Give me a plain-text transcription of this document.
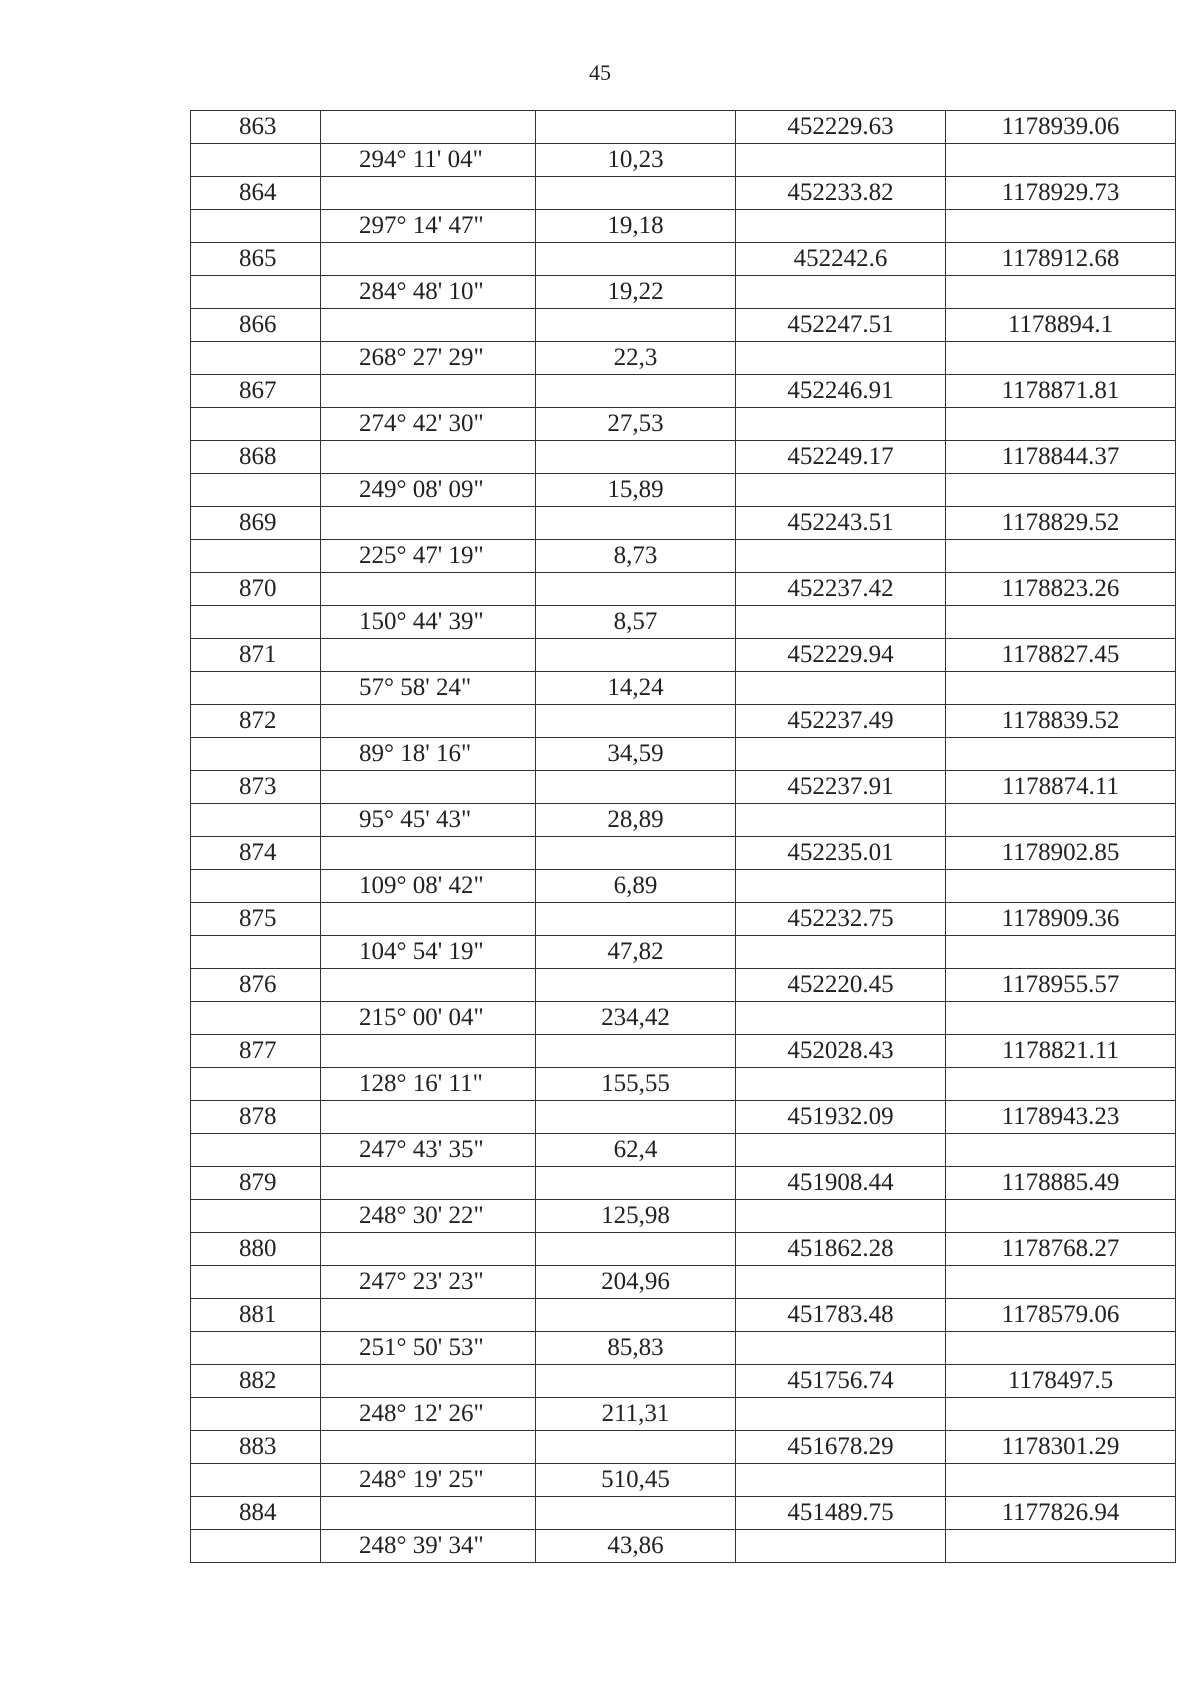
45
863			452229.63	1178939.06
	294° 11' 04"	10,23		
864			452233.82	1178929.73
	297° 14' 47"	19,18		
865			452242.6	1178912.68
	284° 48' 10"	19,22		
866			452247.51	1178894.1
	268° 27' 29"	22,3		
867			452246.91	1178871.81
	274° 42' 30"	27,53		
868			452249.17	1178844.37
	249° 08' 09"	15,89		
869			452243.51	1178829.52
	225° 47' 19"	8,73		
870			452237.42	1178823.26
	150° 44' 39"	8,57		
871			452229.94	1178827.45
	57° 58' 24"	14,24		
872			452237.49	1178839.52
	89° 18' 16"	34,59		
873			452237.91	1178874.11
	95° 45' 43"	28,89		
874			452235.01	1178902.85
	109° 08' 42"	6,89		
875			452232.75	1178909.36
	104° 54' 19"	47,82		
876			452220.45	1178955.57
	215° 00' 04"	234,42		
877			452028.43	1178821.11
	128° 16' 11"	155,55		
878			451932.09	1178943.23
	247° 43' 35"	62,4		
879			451908.44	1178885.49
	248° 30' 22"	125,98		
880			451862.28	1178768.27
	247° 23' 23"	204,96		
881			451783.48	1178579.06
	251° 50' 53"	85,83		
882			451756.74	1178497.5
	248° 12' 26"	211,31		
883			451678.29	1178301.29
	248° 19' 25"	510,45		
884			451489.75	1177826.94
	248° 39' 34"	43,86		
